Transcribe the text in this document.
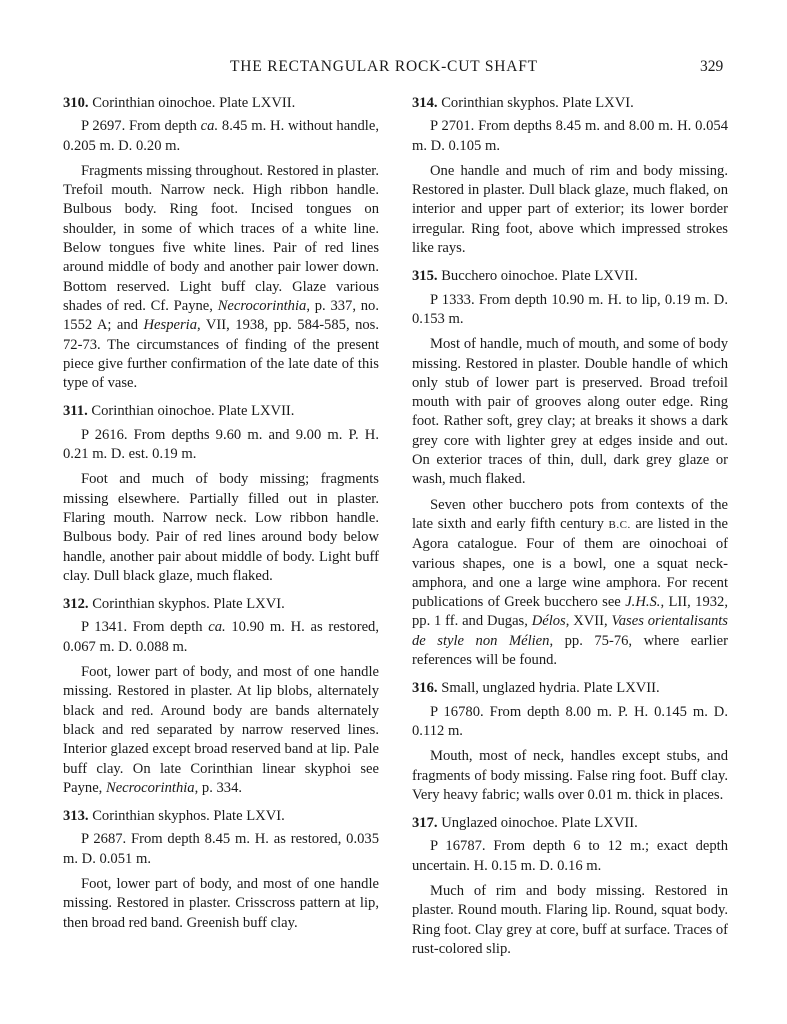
THE RECTANGULAR ROCK-CUT SHAFT	329

310. Corinthian oinochoe. Plate LXVII.

P 2697. From depth ca. 8.45 m. H. without handle, 0.205 m. D. 0.20 m.

Fragments missing throughout. Restored in plaster. Trefoil mouth. Narrow neck. High ribbon handle. Bulbous body. Ring foot. Incised tongues on shoulder, in some of which traces of a white line. Below tongues five white lines. Pair of red lines around middle of body and another pair lower down. Bottom reserved. Light buff clay. Glaze various shades of red. Cf. Payne, Necrocorinthia, p. 337, no. 1552 A; and Hesperia, VII, 1938, pp. 584-585, nos. 72-73. The circumstances of finding of the present piece give further confirmation of the late date of this type of vase.

311. Corinthian oinochoe. Plate LXVII.

P 2616. From depths 9.60 m. and 9.00 m. P. H. 0.21 m. D. est. 0.19 m.

Foot and much of body missing; fragments missing elsewhere. Partially filled out in plaster. Flaring mouth. Narrow neck. Low ribbon handle. Bulbous body. Pair of red lines around body below handle, another pair about middle of body. Light buff clay. Dull black glaze, much flaked.

312. Corinthian skyphos. Plate LXVI.

P 1341. From depth ca. 10.90 m. H. as restored, 0.067 m. D. 0.088 m.

Foot, lower part of body, and most of one handle missing. Restored in plaster. At lip blobs, alternately black and red. Around body are bands alternately black and red separated by narrow reserved lines. Interior glazed except broad reserved band at lip. Pale buff clay. On late Corinthian linear skyphoi see Payne, Necrocorinthia, p. 334.

313. Corinthian skyphos. Plate LXVI.

P 2687. From depth 8.45 m. H. as restored, 0.035 m. D. 0.051 m.

Foot, lower part of body, and most of one handle missing. Restored in plaster. Crisscross pattern at lip, then broad red band. Greenish buff clay.

314. Corinthian skyphos. Plate LXVI.

P 2701. From depths 8.45 m. and 8.00 m. H. 0.054 m. D. 0.105 m.

One handle and much of rim and body missing. Restored in plaster. Dull black glaze, much flaked, on interior and upper part of exterior; its lower border irregular. Ring foot, above which impressed strokes like rays.

315. Bucchero oinochoe. Plate LXVII.

P 1333. From depth 10.90 m. H. to lip, 0.19 m. D. 0.153 m.

Most of handle, much of mouth, and some of body missing. Restored in plaster. Double handle of which only stub of lower part is preserved. Broad trefoil mouth with pair of grooves along outer edge. Ring foot. Rather soft, grey clay; at breaks it shows a dark grey core with lighter grey at edges inside and out. On exterior traces of thin, dull, dark grey glaze or wash, much flaked.

Seven other bucchero pots from contexts of the late sixth and early fifth century B.C. are listed in the Agora catalogue. Four of them are oinochoai of various shapes, one is a bowl, one a squat neck-amphora, and one a large wine amphora. For recent publications of Greek bucchero see J.H.S., LII, 1932, pp. 1 ff. and Dugas, Délos, XVII, Vases orientalisants de style non Mélien, pp. 75-76, where earlier references will be found.

316. Small, unglazed hydria. Plate LXVII.

P 16780. From depth 8.00 m. P. H. 0.145 m. D. 0.112 m.

Mouth, most of neck, handles except stubs, and fragments of body missing. False ring foot. Buff clay. Very heavy fabric; walls over 0.01 m. thick in places.

317. Unglazed oinochoe. Plate LXVII.

P 16787. From depth 6 to 12 m.; exact depth uncertain. H. 0.15 m. D. 0.16 m.

Much of rim and body missing. Restored in plaster. Round mouth. Flaring lip. Round, squat body. Ring foot. Clay grey at core, buff at surface. Traces of rust-colored slip.
